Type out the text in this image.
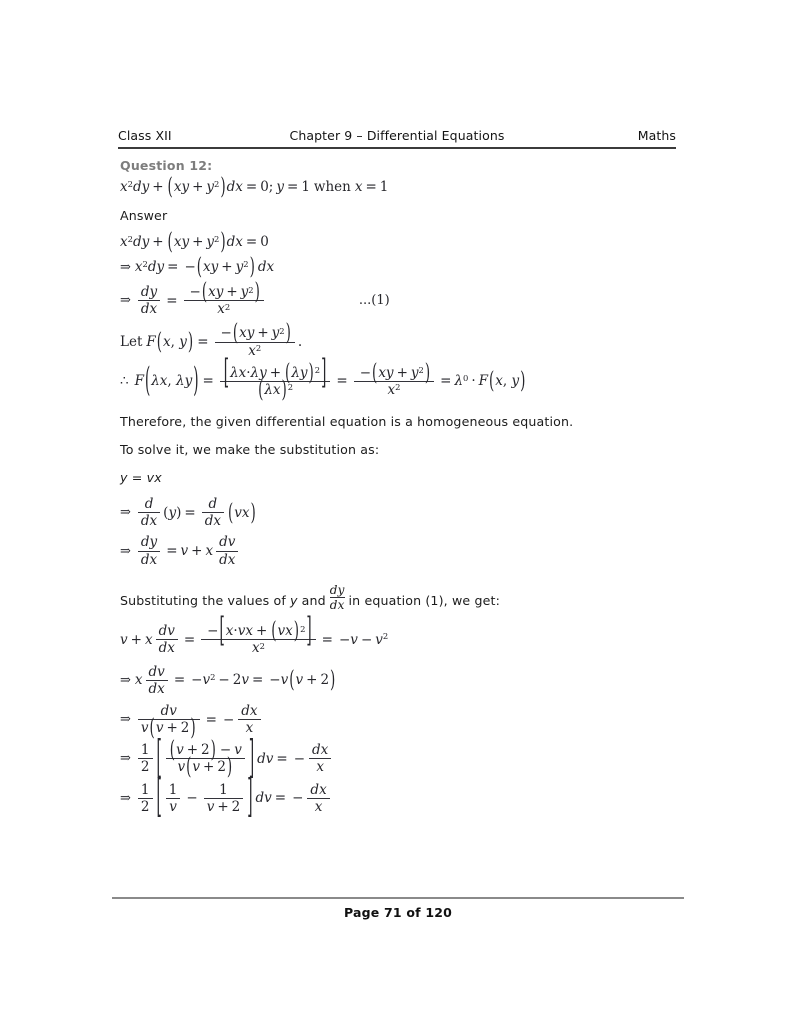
Class XII	Chapter 9 – Differential Equations	Maths
Question 12:
x 2 dy + ( xy + y 2 ) dx = 0; y = 1 when x = 1
Answer
x 2 dy + ( xy + y 2 ) dx = 0
⇒ x 2 dy = − ( xy + y 2 ) dx
⇒ $\frac{dy}{dx} = \frac{-(xy + y^2)}{x^2}$	...(1)
Let F ( x , y ) = $\frac{-(xy + y^2)}{x^2}$ .
∴ F ( λx , λy ) = $\frac{[\lambda x\cdot\lambda y + (\lambda y)^2]}{(\lambda x)^2} = \frac{-(xy + y^2)}{x^2} = \lambda$ 0 · F ( x , y )

Therefore, the given differential equation is a homogeneous equation.

To solve it, we make the substitution as:

y = vx

⇒ $\frac{d}{dx}$ ( y ) = $\frac{d}{dx}$ ( vx )
⇒ $\frac{dy}{dx} = v + x \frac{dv}{dx}$

Substituting the values of y and
dy
dx in equation (1), we get:

v + x $\frac{dv}{dx} = \frac{-[x\cdot vx + (vx)^2]}{x^2}$ = − v − v 2
⇒ x $\frac{dv}{dx}$ = − v 2 − 2 v = − v ( v + 2 )
⇒ $\frac{dv}{v(v + 2)}$ = − $\frac{dx}{x}$
⇒ $\frac{1}{2}$ [ $\frac{(v + 2) - v}{v(v + 2)}$ ] dv = − $\frac{dx}{x}$
⇒ $\frac{1}{2}$ [ $\frac{1}{v} - \frac{1}{v + 2}$ ] dv = − $\frac{dx}{x}$
Page 71 of 120
